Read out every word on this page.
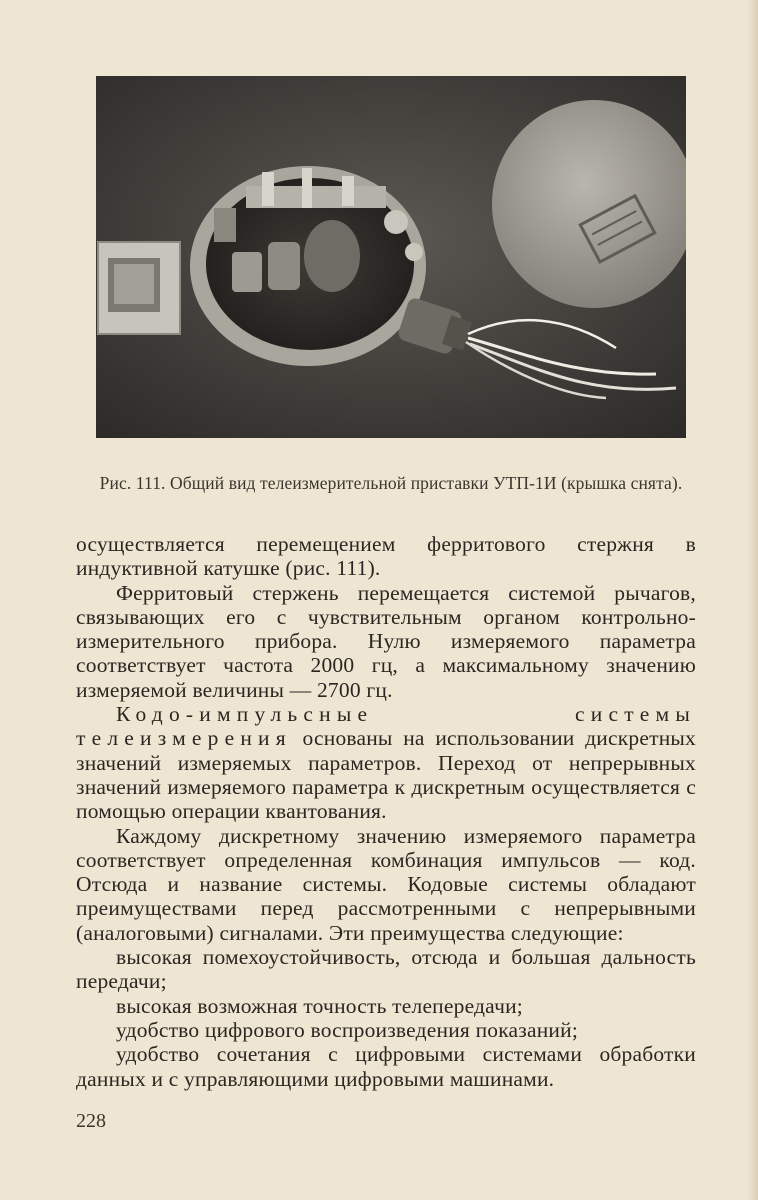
Рис. 111. Общий вид телеизмерительной приставки УТП-1И (крышка снята).

осуществляется перемещением ферритового стержня в индуктивной катушке (рис. 111).

Ферритовый стержень перемещается системой рычагов, связывающих его с чувствительным органом контрольно-измерительного прибора. Нулю измеряемого параметра соответствует частота 2000 гц, а максимальному значению измеряемой величины — 2700 гц.

Кодо-импульсные системы телеизмерения основаны на использовании дискретных значений измеряемых параметров. Переход от непрерывных значений измеряемого параметра к дискретным осуществляется с помощью операции квантования.

Каждому дискретному значению измеряемого параметра соответствует определенная комбинация импульсов — код. Отсюда и название системы. Кодовые системы обладают преимуществами перед рассмотренными с непрерывными (аналоговыми) сигналами. Эти преимущества следующие:

высокая помехоустойчивость, отсюда и большая дальность передачи;

высокая возможная точность телепередачи;

удобство цифрового воспроизведения показаний;

удобство сочетания с цифровыми системами обработки данных и с управляющими цифровыми машинами.

228
